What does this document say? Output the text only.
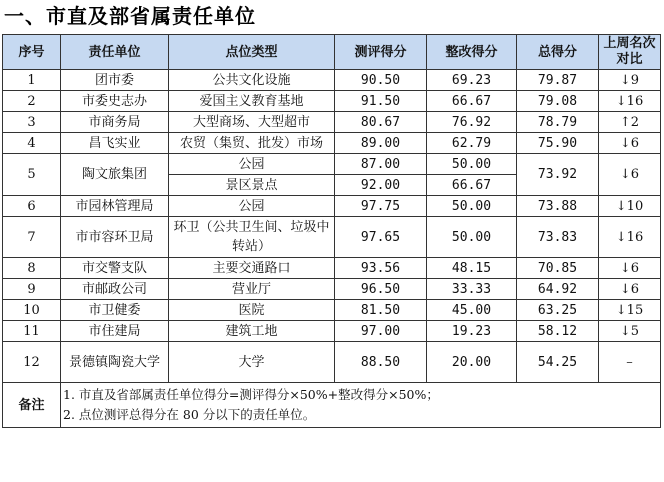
一、市直及部省属责任单位
序号	责任单位	点位类型	测评得分	整改得分	总得分	上周名次
对比
1	团市委	公共文化设施	90.50	69.23	79.87	↓9
2	市委史志办	爱国主义教育基地	91.50	66.67	79.08	↓16
3	市商务局	大型商场、大型超市	80.67	76.92	78.79	↑2
4	昌飞实业	农贸（集贸、批发）市场	89.00	62.79	75.90	↓6
5	陶文旅集团	公园	87.00	50.00	73.92	↓6
		景区景点	92.00	66.67		
6	市园林管理局	公园	97.75	50.00	73.88	↓10
7	市市容环卫局	环卫（公共卫生间、垃圾中转站）	97.65	50.00	73.83	↓16
8	市交警支队	主要交通路口	93.56	48.15	70.85	↓6
9	市邮政公司	营业厅	96.50	33.33	64.92	↓6
10	市卫健委	医院	81.50	45.00	63.25	↓15
11	市住建局	建筑工地	97.00	19.23	58.12	↓5
12	景德镇陶瓷大学	大学	88.50	20.00	54.25	–
备注	1. 市直及省部属责任单位得分=测评得分×50%+整改得分×50%；
2. 点位测评总得分在 80 分以下的责任单位。					
